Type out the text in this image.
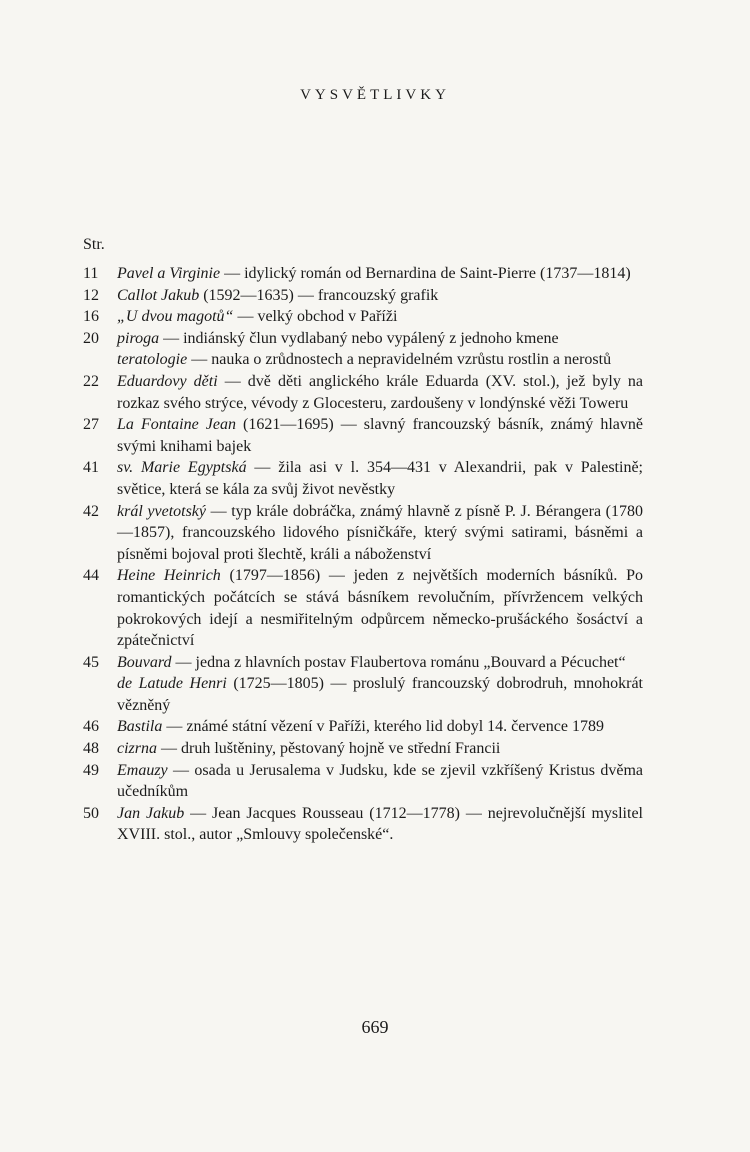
VYSVĚTLIVKY
Str.
11	Pavel a Virginie — idylický román od Bernardina de Saint-Pierre (1737—1814)
12	Callot Jakub (1592—1635) — francouzský grafik
16	„U dvou magotů“ — velký obchod v Paříži
20	piroga — indiánský člun vydlabaný nebo vypálený z jednoho kmene
teratologie — nauka o zrůdnostech a nepravidelném vzrůstu rostlin a nerostů
22	Eduardovy děti — dvě děti anglického krále Eduarda (XV. stol.), jež byly na rozkaz svého strýce, vévody z Glocesteru, zardoušeny v londýnské věži Toweru
27	La Fontaine Jean (1621—1695) — slavný francouzský básník, známý hlavně svými knihami bajek
41	sv. Marie Egyptská — žila asi v l. 354—431 v Alexandrii, pak v Palestině; světice, která se kála za svůj život nevěstky
42	král yvetotský — typ krále dobráčka, známý hlavně z písně P. J. Bérangera (1780—1857), francouzského lidového písničkáře, který svými satirami, básněmi a písněmi bojoval proti šlechtě, králi a náboženství
44	Heine Heinrich (1797—1856) — jeden z největších moderních básníků. Po romantických počátcích se stává básníkem revolučním, přívržencem velkých pokrokových idejí a nesmiřitelným odpůrcem německo-prušáckého šosáctví a zpátečnictví
45	Bouvard — jedna z hlavních postav Flaubertova románu „Bouvard a Pécuchet“
de Latude Henri (1725—1805) — proslulý francouzský dobrodruh, mnohokrát vězněný
46	Bastila — známé státní vězení v Paříži, kterého lid dobyl 14. července 1789
48	cizrna — druh luštěniny, pěstovaný hojně ve střední Francii
49	Emauzy — osada u Jerusalema v Judsku, kde se zjevil vzkříšený Kristus dvěma učedníkům
50	Jan Jakub — Jean Jacques Rousseau (1712—1778) — nejrevolučnější myslitel XVIII. stol., autor „Smlouvy společenské“.
669
